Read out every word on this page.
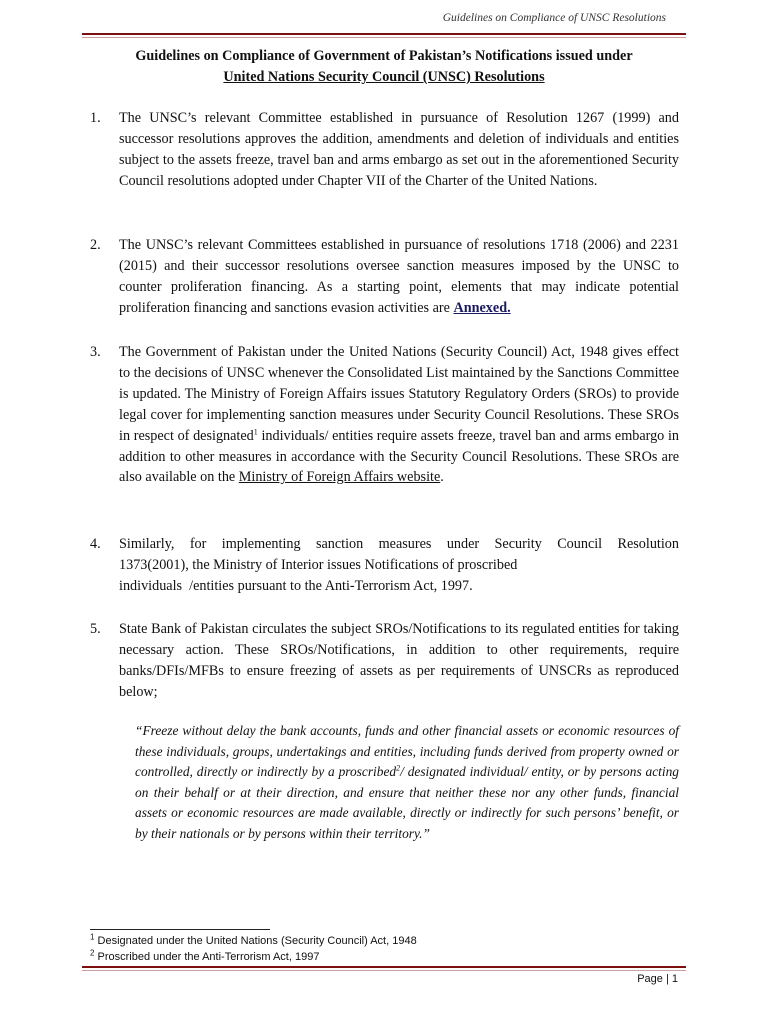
Guidelines on Compliance of UNSC Resolutions
Guidelines on Compliance of Government of Pakistan’s Notifications issued under
United Nations Security Council (UNSC) Resolutions
1. The UNSC’s relevant Committee established in pursuance of Resolution 1267 (1999) and successor resolutions approves the addition, amendments and deletion of individuals and entities subject to the assets freeze, travel ban and arms embargo as set out in the aforementioned Security Council resolutions adopted under Chapter VII of the Charter of the United Nations.
2. The UNSC’s relevant Committees established in pursuance of resolutions 1718 (2006) and 2231 (2015) and their successor resolutions oversee sanction measures imposed by the UNSC to counter proliferation financing. As a starting point, elements that may indicate potential proliferation financing and sanctions evasion activities are Annexed.
3. The Government of Pakistan under the United Nations (Security Council) Act, 1948 gives effect to the decisions of UNSC whenever the Consolidated List maintained by the Sanctions Committee is updated. The Ministry of Foreign Affairs issues Statutory Regulatory Orders (SROs) to provide legal cover for implementing sanction measures under Security Council Resolutions. These SROs in respect of designated$^1$ individuals/ entities require assets freeze, travel ban and arms embargo in addition to other measures in accordance with the Security Council Resolutions. These SROs are also available on the Ministry of Foreign Affairs website.
4. Similarly, for implementing sanction measures under Security Council Resolution
1373(2001), the Ministry of Interior issues Notifications of proscribed
individuals  /entities pursuant to the Anti-Terrorism Act, 1997.
5. State Bank of Pakistan circulates the subject SROs/Notifications to its regulated entities for taking necessary action. These SROs/Notifications, in addition to other requirements, require banks/DFIs/MFBs to ensure freezing of assets as per requirements of UNSCRs as reproduced below;
“Freeze without delay the bank accounts, funds and other financial assets or economic resources of these individuals, groups, undertakings and entities, including funds derived from property owned or controlled, directly or indirectly by a proscribed$^2$/ designated individual/ entity, or by persons acting on their behalf or at their direction, and ensure that neither these nor any other funds, financial assets or economic resources are made available, directly or indirectly for such persons’ benefit, or by their nationals or by persons within their territory.”
$^1$ Designated under the United Nations (Security Council) Act, 1948
$^2$ Proscribed under the Anti-Terrorism Act, 1997
Page | 1
